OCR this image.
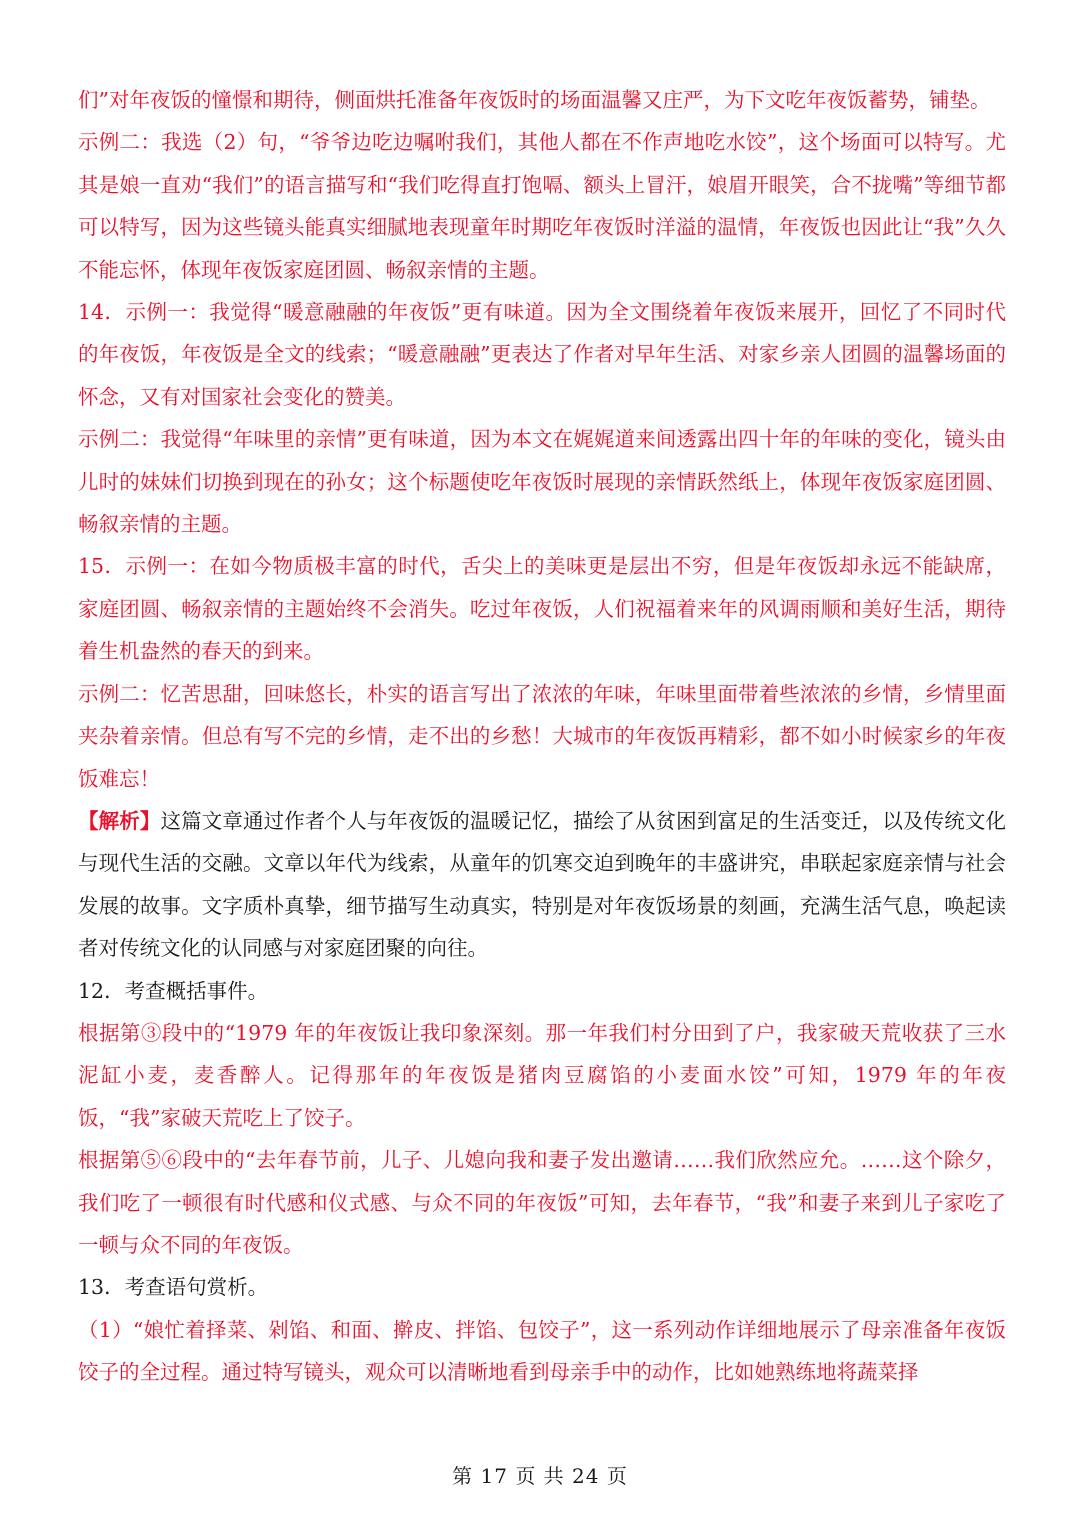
们”对年夜饭的憧憬和期待，侧面烘托准备年夜饭时的场面温馨又庄严，为下文吃年夜饭蓄势，铺垫。

示例二：我选（2）句，“爷爷边吃边嘱咐我们，其他人都在不作声地吃水饺”，这个场面可以特写。尤其是娘一直劝“我们”的语言描写和“我们吃得直打饱嗝、额头上冒汗，娘眉开眼笑，合不拢嘴”等细节都可以特写，因为这些镜头能真实细腻地表现童年时期吃年夜饭时洋溢的温情，年夜饭也因此让“我”久久不能忘怀，体现年夜饭家庭团圆、畅叙亲情的主题。

14．示例一：我觉得“暖意融融的年夜饭”更有味道。因为全文围绕着年夜饭来展开，回忆了不同时代的年夜饭，年夜饭是全文的线索；“暖意融融”更表达了作者对早年生活、对家乡亲人团圆的温馨场面的怀念，又有对国家社会变化的赞美。

示例二：我觉得“年味里的亲情”更有味道，因为本文在娓娓道来间透露出四十年的年味的变化，镜头由儿时的妹妹们切换到现在的孙女；这个标题使吃年夜饭时展现的亲情跃然纸上，体现年夜饭家庭团圆、畅叙亲情的主题。

15．示例一：在如今物质极丰富的时代，舌尖上的美味更是层出不穷，但是年夜饭却永远不能缺席，家庭团圆、畅叙亲情的主题始终不会消失。吃过年夜饭，人们祝福着来年的风调雨顺和美好生活，期待着生机盎然的春天的到来。

示例二：忆苦思甜，回味悠长，朴实的语言写出了浓浓的年味，年味里面带着些浓浓的乡情，乡情里面夹杂着亲情。但总有写不完的乡情，走不出的乡愁！大城市的年夜饭再精彩，都不如小时候家乡的年夜饭难忘！

【解析】这篇文章通过作者个人与年夜饭的温暖记忆，描绘了从贫困到富足的生活变迁，以及传统文化与现代生活的交融。文章以年代为线索，从童年的饥寒交迫到晚年的丰盛讲究，串联起家庭亲情与社会发展的故事。文字质朴真挚，细节描写生动真实，特别是对年夜饭场景的刻画，充满生活气息，唤起读者对传统文化的认同感与对家庭团聚的向往。

12．考查概括事件。

根据第③段中的“1979 年的年夜饭让我印象深刻。那一年我们村分田到了户，我家破天荒收获了三水泥缸小麦，麦香醉人。记得那年的年夜饭是猪肉豆腐馅的小麦面水饺”可知，1979 年的年夜饭，“我”家破天荒吃上了饺子。

根据第⑤⑥段中的“去年春节前，儿子、儿媳向我和妻子发出邀请……我们欣然应允。……这个除夕，我们吃了一顿很有时代感和仪式感、与众不同的年夜饭”可知，去年春节，“我”和妻子来到儿子家吃了一顿与众不同的年夜饭。

13．考查语句赏析。

（1）“娘忙着择菜、剁馅、和面、擀皮、拌馅、包饺子”，这一系列动作详细地展示了母亲准备年夜饭饺子的全过程。通过特写镜头，观众可以清晰地看到母亲手中的动作，比如她熟练地将蔬菜择

第 17 页 共 24 页
